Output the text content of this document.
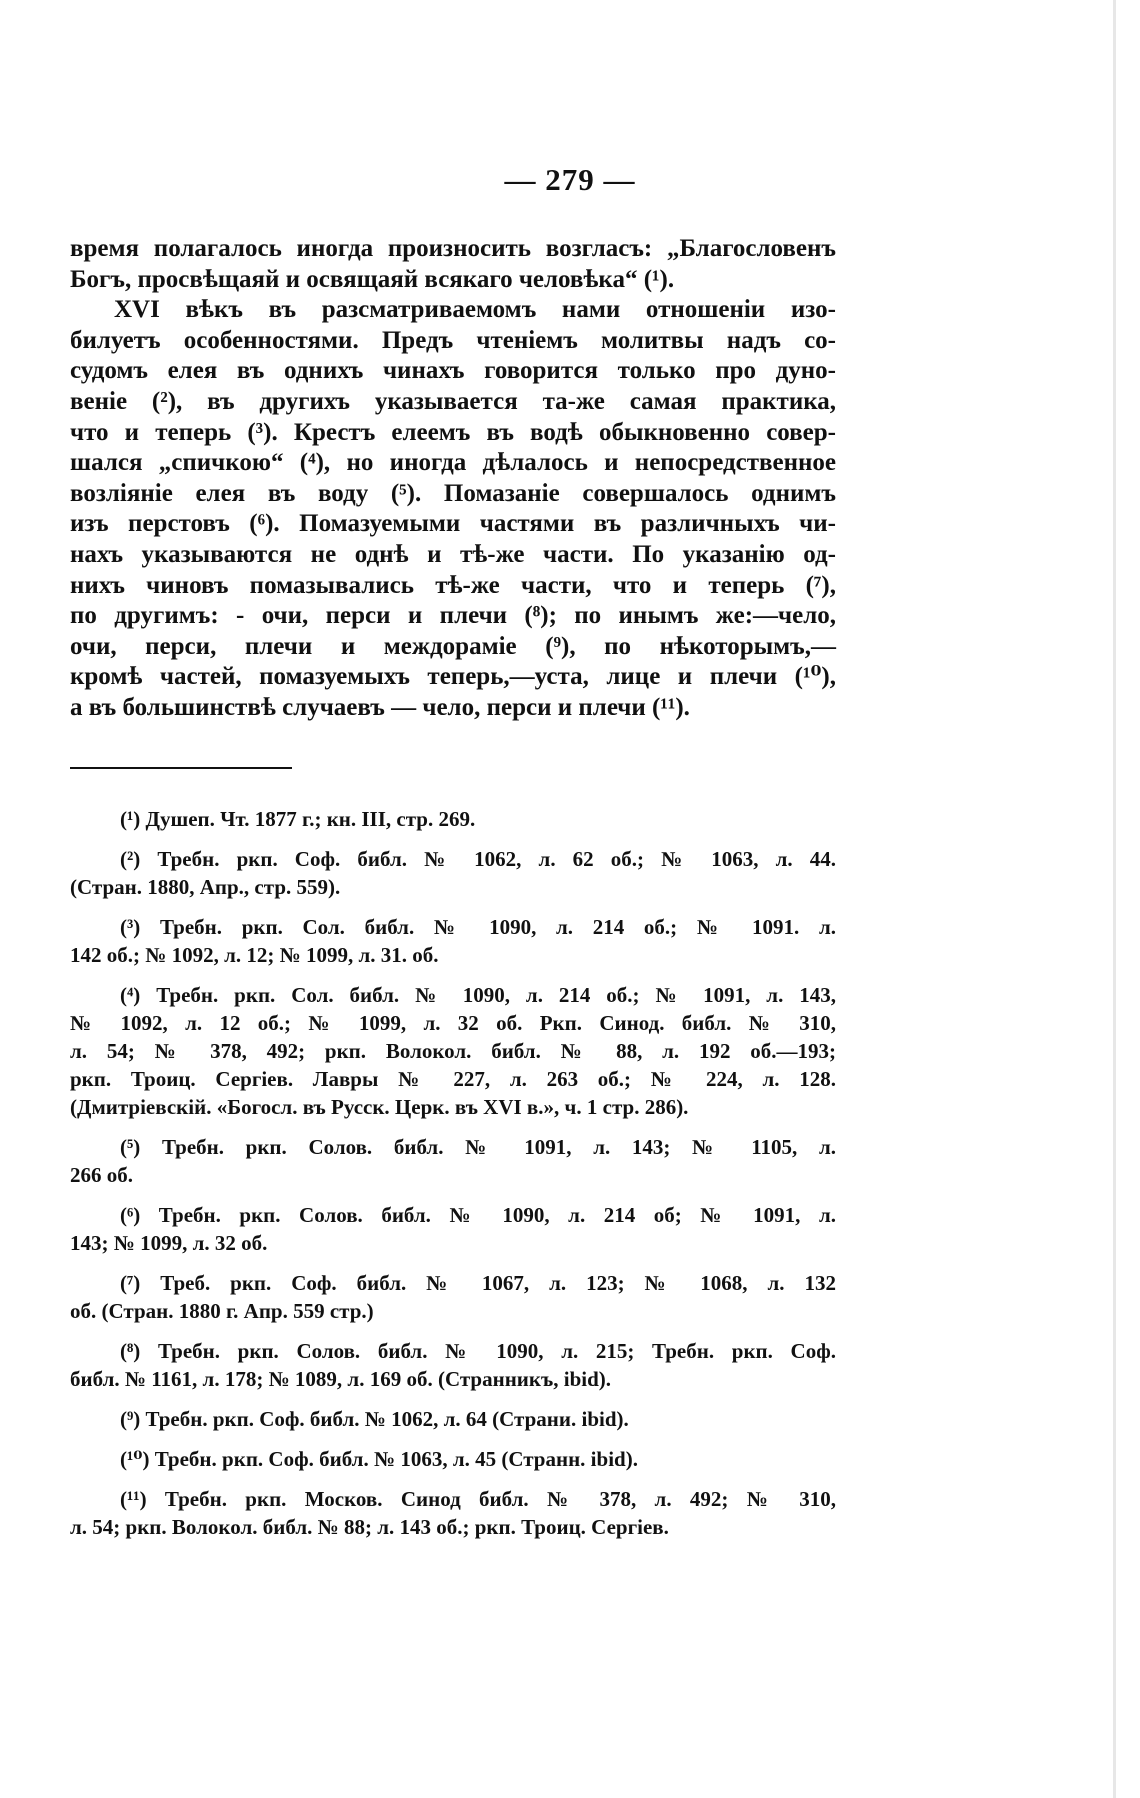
— 279 —
время полагалось иногда произносить возгласъ: „Благословенъ
Богъ, просвѣщаяй и освящаяй всякаго человѣка“ (¹).
XVI вѣкъ въ разсматриваемомъ нами отношеніи изо-
билуетъ особенностями. Предъ чтеніемъ молитвы надъ со-
судомъ елея въ однихъ чинахъ говорится только про дуно-
веніе (²), въ другихъ указывается та-же самая практика,
что и теперь (³). Крестъ елеемъ въ водѣ обыкновенно совер-
шался „спичкою“ (⁴), но иногда дѣлалось и непосредственное
возліяніе елея въ воду (⁵). Помазаніе совершалось однимъ
изъ перстовъ (⁶). Помазуемыми частями въ различныхъ чи-
нахъ указываются не однѣ и тѣ-же части. По указанію од-
нихъ чиновъ помазывались тѣ-же части, что и теперь (⁷),
по другимъ: - очи, перси и плечи (⁸); по инымъ же:—чело,
очи, перси, плечи и междораміе (⁹), по нѣкоторымъ,—
кромѣ частей, помазуемыхъ теперь,—уста, лице и плечи (¹⁰),
а въ большинствѣ случаевъ — чело, перси и плечи (¹¹).
(¹) Душеп. Чт. 1877 г.; кн. III, стр. 269.
(²) Требн. ркп. Соф. библ. № 1062, л. 62 об.; № 1063, л. 44.
(Стран. 1880, Апр., стр. 559).
(³) Требн. ркп. Сол. библ. № 1090, л. 214 об.; № 1091. л.
142 об.; № 1092, л. 12; № 1099, л. 31. об.
(⁴) Требн. ркп. Сол. библ. № 1090, л. 214 об.; № 1091, л. 143,
№ 1092, л. 12 об.; № 1099, л. 32 об. Ркп. Синод. библ. № 310,
л. 54; № 378, 492; ркп. Волокол. библ. № 88, л. 192 об.—193;
ркп. Троиц. Сергіев. Лавры № 227, л. 263 об.; № 224, л. 128.
(Дмитріевскій. «Богосл. въ Русск. Церк. въ XVI в.», ч. 1 стр. 286).
(⁵) Требн. ркп. Солов. библ. № 1091, л. 143; № 1105, л.
266 об.
(⁶) Требн. ркп. Солов. библ. № 1090, л. 214 об; № 1091, л.
143; № 1099, л. 32 об.
(⁷) Треб. ркп. Соф. библ. № 1067, л. 123; № 1068, л. 132
об. (Стран. 1880 г. Апр. 559 стр.)
(⁸) Требн. ркп. Солов. библ. № 1090, л. 215; Требн. ркп. Соф.
библ. № 1161, л. 178; № 1089, л. 169 об. (Странникъ, ibid).
(⁹) Требн. ркп. Соф. библ. № 1062, л. 64 (Страни. ibid).
(¹⁰) Требн. ркп. Соф. библ. № 1063, л. 45 (Странн. ibid).
(¹¹) Требн. ркп. Москов. Синод библ. № 378, л. 492; № 310,
л. 54; ркп. Волокол. библ. № 88; л. 143 об.; ркп. Троиц. Сергіев.
